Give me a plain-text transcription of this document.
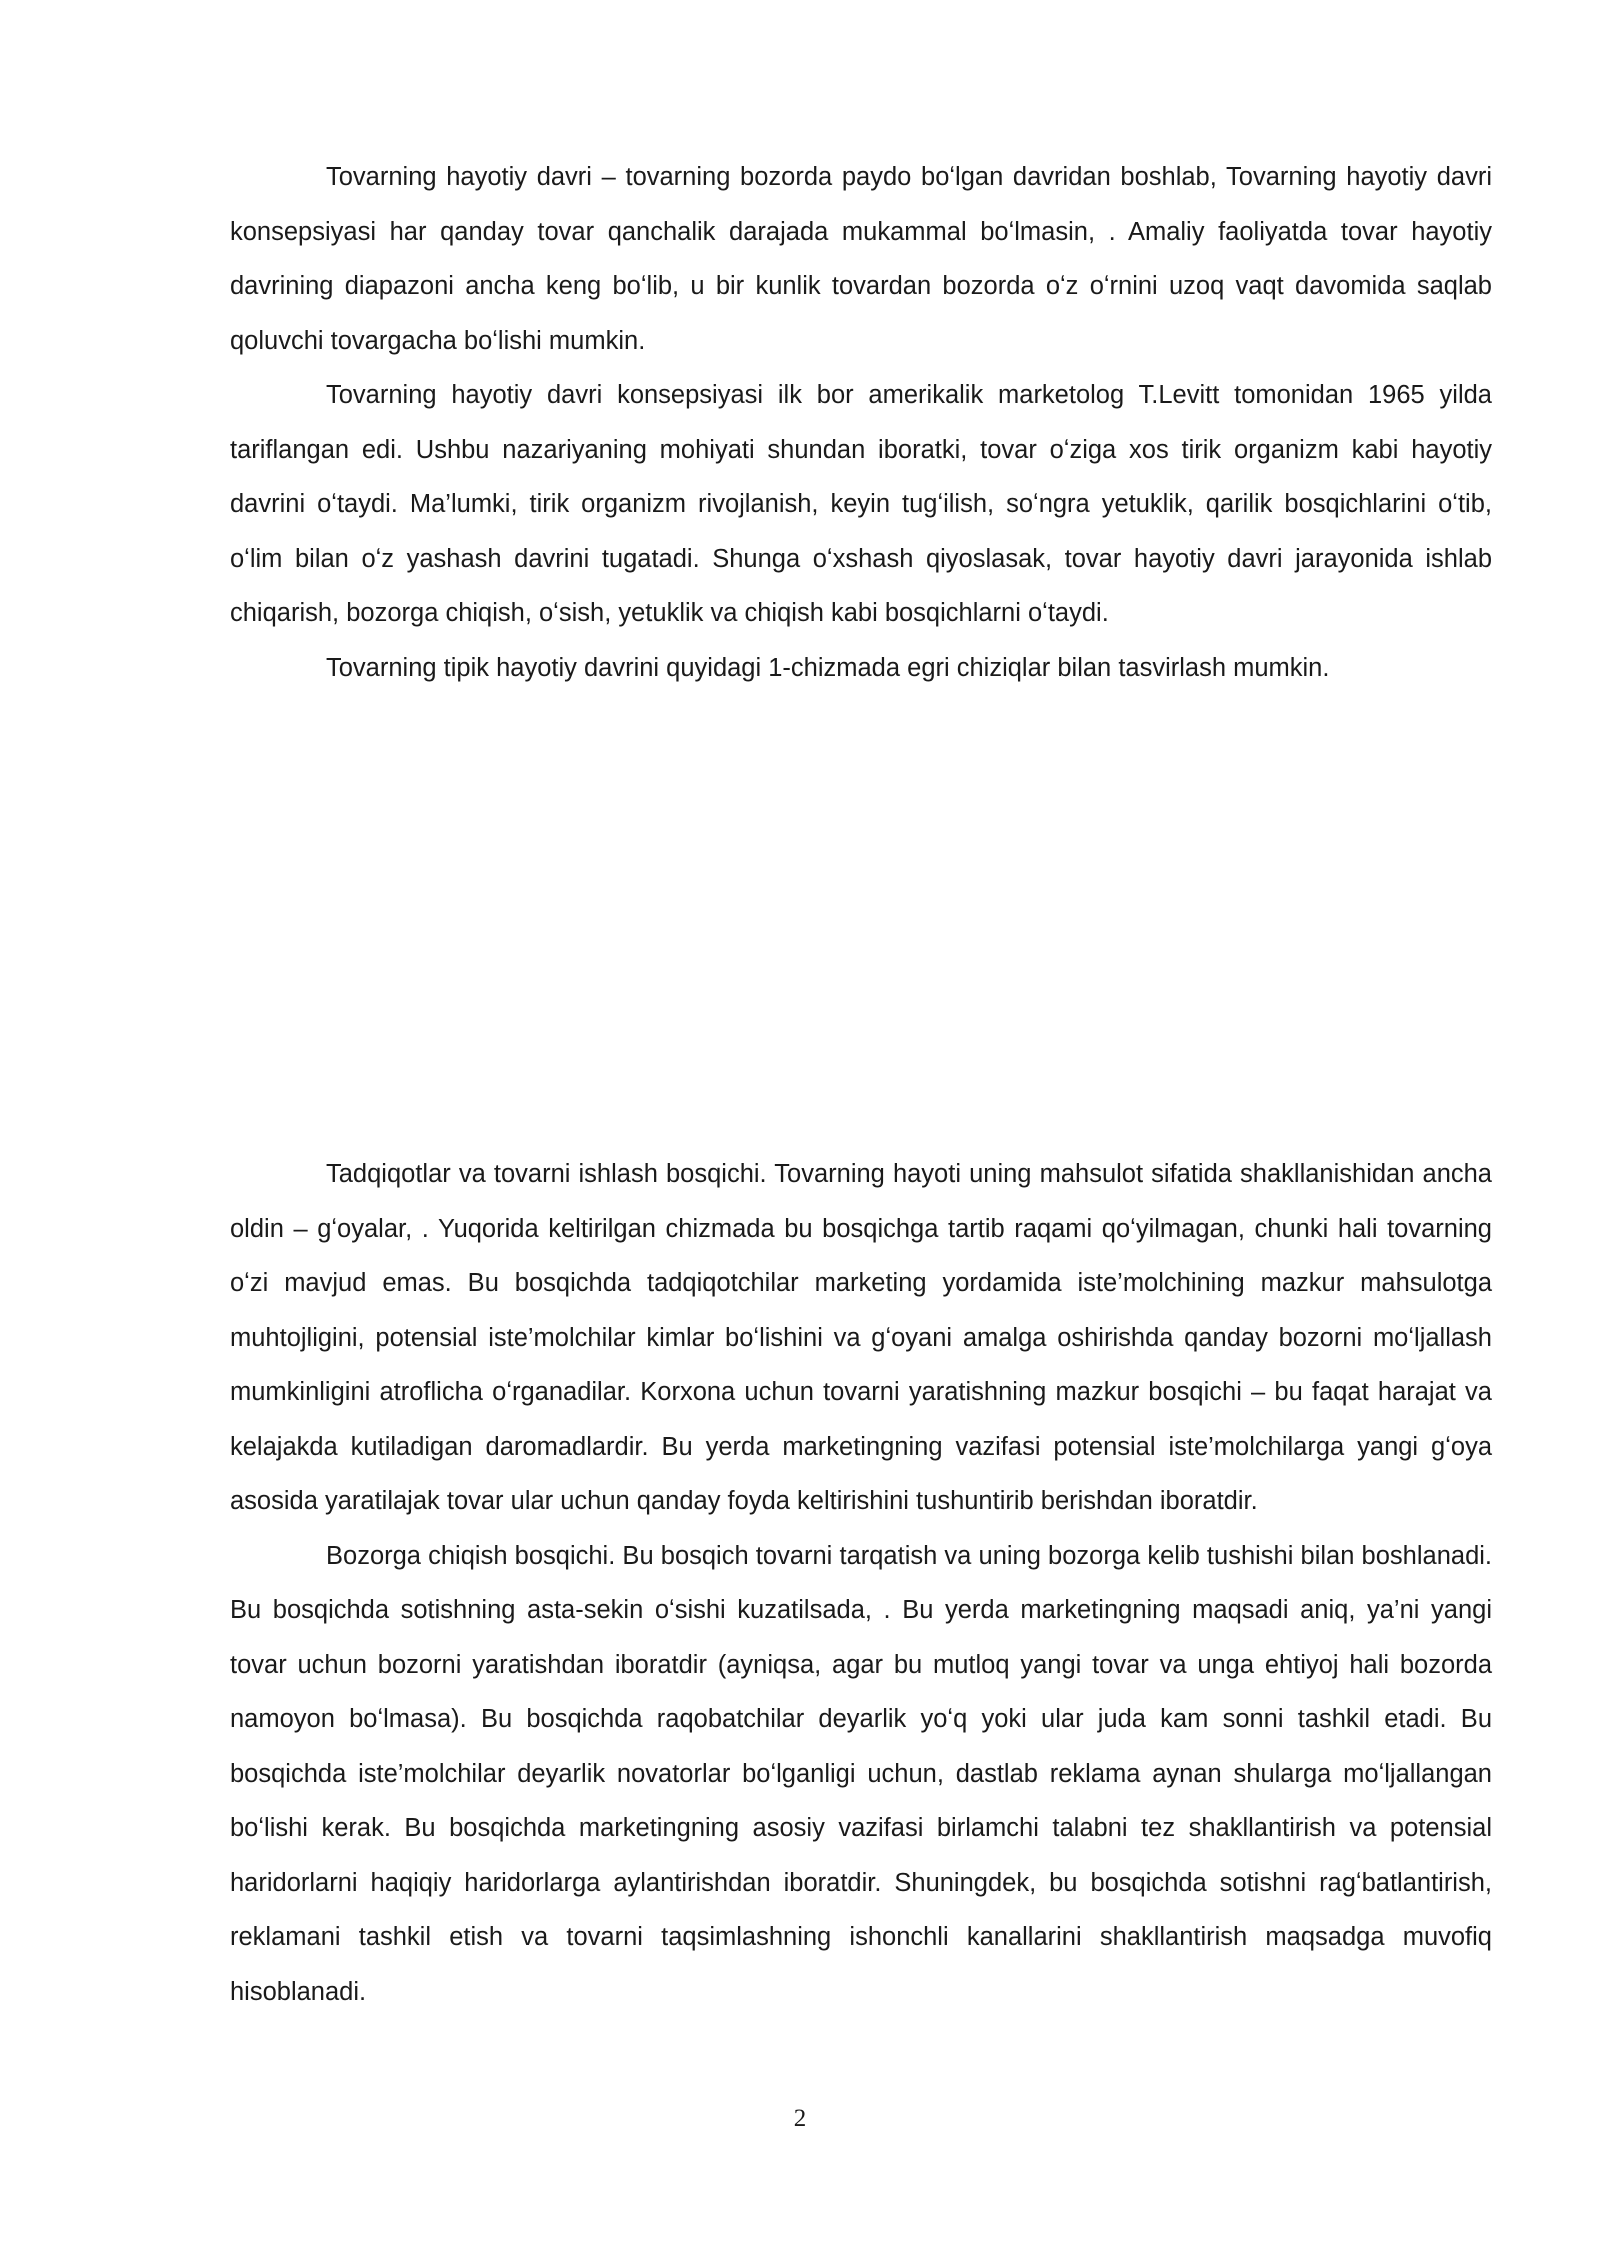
Tovarning hayotiy davri – tovarning bozorda paydo boʻlgan davridan boshlab, Tovarning hayotiy davri konsepsiyasi har qanday tovar qanchalik darajada mukammal boʻlmasin, . Amaliy faoliyatda tovar hayotiy davrining diapazoni ancha keng boʻlib, u bir kunlik tovardan bozorda oʻz oʻrnini uzoq vaqt davomida saqlab qoluvchi tovargacha boʻlishi mumkin.

Tovarning hayotiy davri konsepsiyasi ilk bor amerikalik marketolog T.Levitt tomonidan 1965 yilda tariflangan edi. Ushbu nazariyaning mohiyati shundan iboratki, tovar oʻziga xos tirik organizm kabi hayotiy davrini oʻtaydi. Ma’lumki, tirik organizm rivojlanish, keyin tugʻilish, soʻngra yetuklik, qarilik bosqichlarini oʻtib, oʻlim bilan oʻz yashash davrini tugatadi. Shunga oʻxshash qiyoslasak, tovar hayotiy davri jarayonida ishlab chiqarish, bozorga chiqish, oʻsish, yetuklik va chiqish kabi bosqichlarni oʻtaydi.

Tovarning tipik hayotiy davrini quyidagi 1-chizmada egri chiziqlar bilan tasvirlash mumkin.

Tadqiqotlar va tovarni ishlash bosqichi. Tovarning hayoti uning mahsulot sifatida shakllanishidan ancha oldin – gʻoyalar, . Yuqorida keltirilgan chizmada bu bosqichga tartib raqami qoʻyilmagan, chunki hali tovarning oʻzi mavjud emas. Bu bosqichda tadqiqotchilar marketing yordamida iste’molchining mazkur mahsulotga muhtojligini, potensial iste’molchilar kimlar boʻlishini va gʻoyani amalga oshirishda qanday bozorni moʻljallash mumkinligini atroflicha oʻrganadilar. Korxona uchun tovarni yaratishning mazkur bosqichi – bu faqat harajat va kelajakda kutiladigan daromadlardir. Bu yerda marketingning vazifasi potensial iste’molchilarga yangi gʻoya asosida yaratilajak tovar ular uchun qanday foyda keltirishini tushuntirib berishdan iboratdir.

Bozorga chiqish bosqichi. Bu bosqich tovarni tarqatish va uning bozorga kelib tushishi bilan boshlanadi. Bu bosqichda sotishning asta-sekin oʻsishi kuzatilsada, . Bu yerda marketingning maqsadi aniq, ya’ni yangi tovar uchun bozorni yaratishdan iboratdir (ayniqsa, agar bu mutloq yangi tovar va unga ehtiyoj hali bozorda namoyon boʻlmasa). Bu bosqichda raqobatchilar deyarlik yoʻq yoki ular juda kam sonni tashkil etadi. Bu bosqichda iste’molchilar deyarlik novatorlar boʻlganligi uchun, dastlab reklama aynan shularga moʻljallangan boʻlishi kerak. Bu bosqichda marketingning asosiy vazifasi birlamchi talabni tez shakllantirish va potensial haridorlarni haqiqiy haridorlarga aylantirishdan iboratdir. Shuningdek, bu bosqichda sotishni ragʻbatlantirish, reklamani tashkil etish va tovarni taqsimlashning ishonchli kanallarini shakllantirish maqsadga muvofiq hisoblanadi.

2
